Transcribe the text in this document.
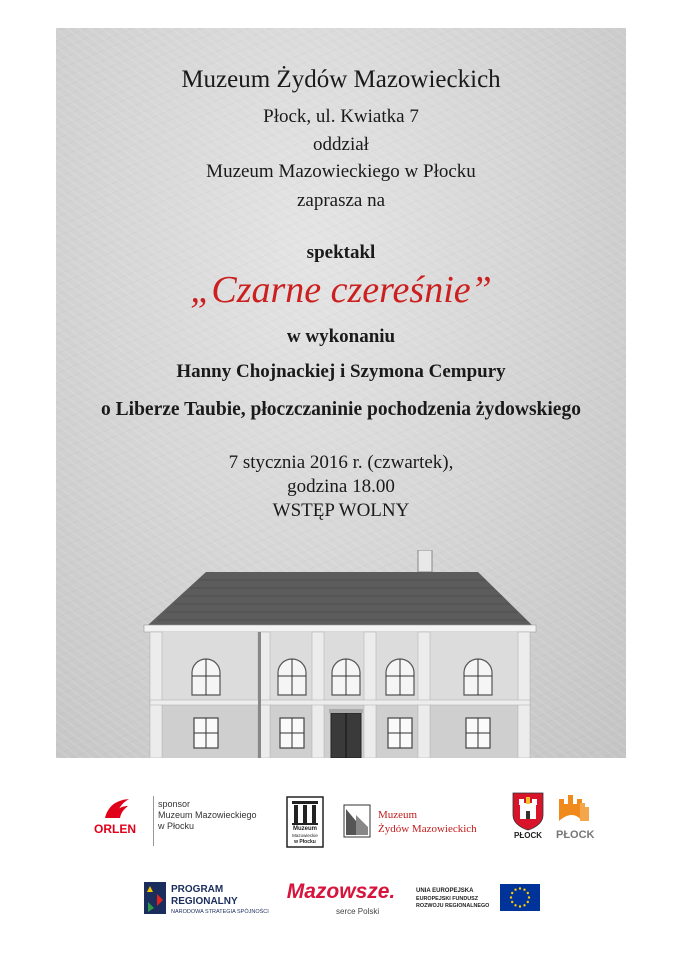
Muzeum Żydów Mazowieckich
Płock, ul. Kwiatka 7
oddział
Muzeum Mazowieckiego w Płocku
zaprasza na
spektakl
„Czarne czereśnie”
w wykonaniu
Hanny Chojnackiej i Szymona Cempury
o Liberze Taubie, płoczczaninie pochodzenia żydowskiego
7 stycznia 2016 r. (czwartek),
godzina 18.00
WSTĘP WOLNY
ORLEN
sponsor
Muzeum Mazowieckiego
w Płocku	Muzeum
Mazowieckie
w Płocku
Muzeum
Żydów Mazowieckich
PŁOCK PŁOCK
PROGRAM
REGIONALNY
NARODOWA STRATEGIA SPÓJNOŚCI
Mazowsze.
serce Polski
UNIA EUROPEJSKA
EUROPEJSKI FUNDUSZ
ROZWOJU REGIONALNEGO
